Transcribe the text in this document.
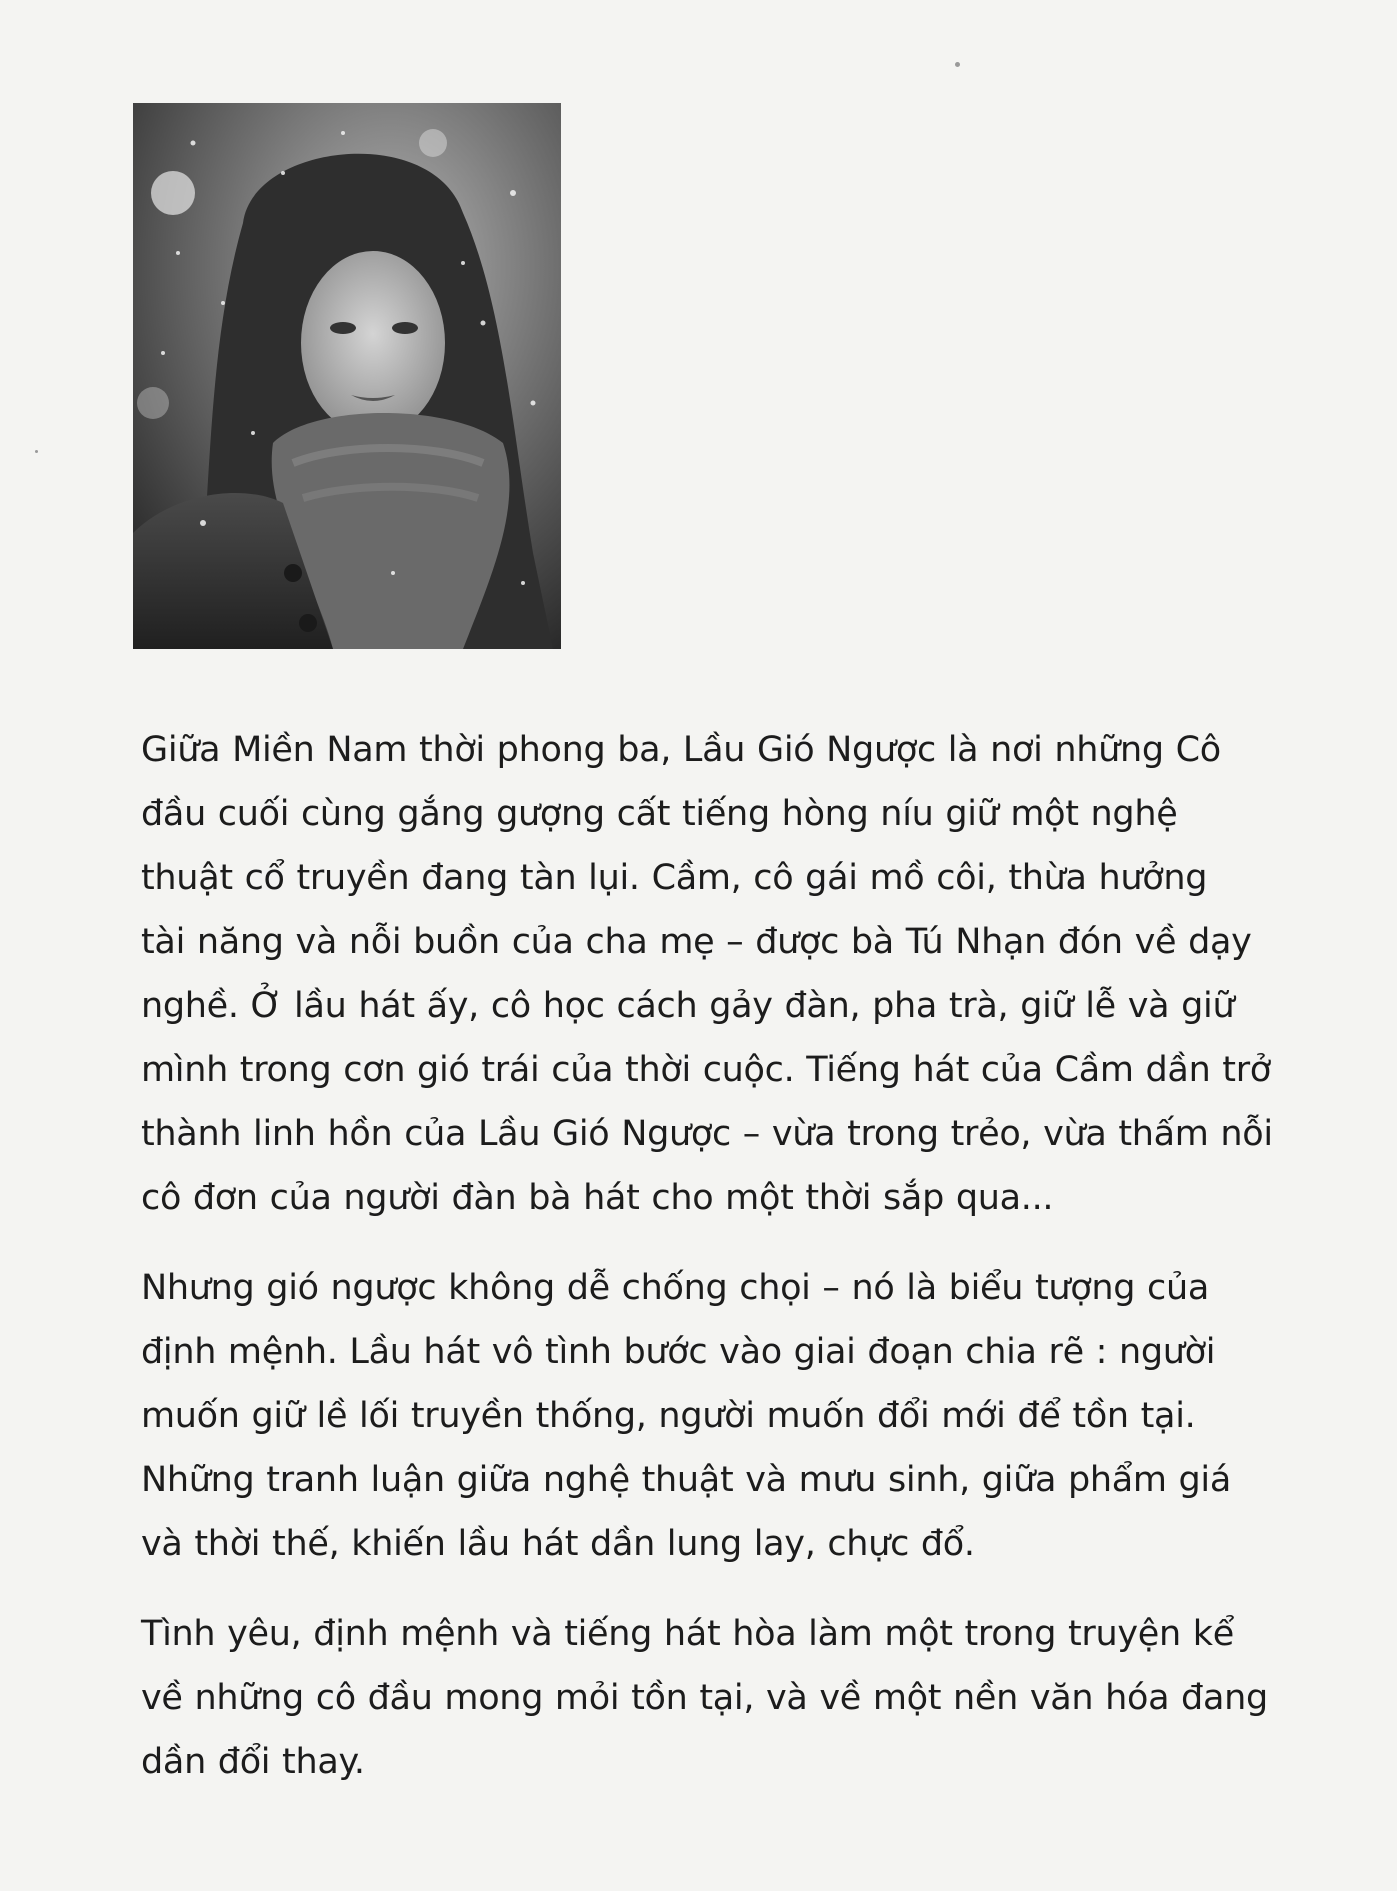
Giữa Miền Nam thời phong ba, Lầu Gió Ngược là nơi những Cô
đầu cuối cùng gắng gượng cất tiếng hòng níu giữ một nghệ
thuật cổ truyền đang tàn lụi. Cầm, cô gái mồ côi, thừa hưởng
tài năng và nỗi buồn của cha mẹ – được bà Tú Nhạn đón về dạy
nghề. Ở lầu hát ấy, cô học cách gảy đàn, pha trà, giữ lễ và giữ
mình trong cơn gió trái của thời cuộc. Tiếng hát của Cầm dần trở
thành linh hồn của Lầu Gió Ngược – vừa trong trẻo, vừa thấm nỗi
cô đơn của người đàn bà hát cho một thời sắp qua...

Nhưng gió ngược không dễ chống chọi – nó là biểu tượng của
định mệnh. Lầu hát vô tình bước vào giai đoạn chia rẽ : người
muốn giữ lề lối truyền thống, người muốn đổi mới để tồn tại.
Những tranh luận giữa nghệ thuật và mưu sinh, giữa phẩm giá
và thời thế, khiến lầu hát dần lung lay, chực đổ.

Tình yêu, định mệnh và tiếng hát hòa làm một trong truyện kể
về những cô đầu mong mỏi tồn tại, và về một nền văn hóa đang
dần đổi thay.
